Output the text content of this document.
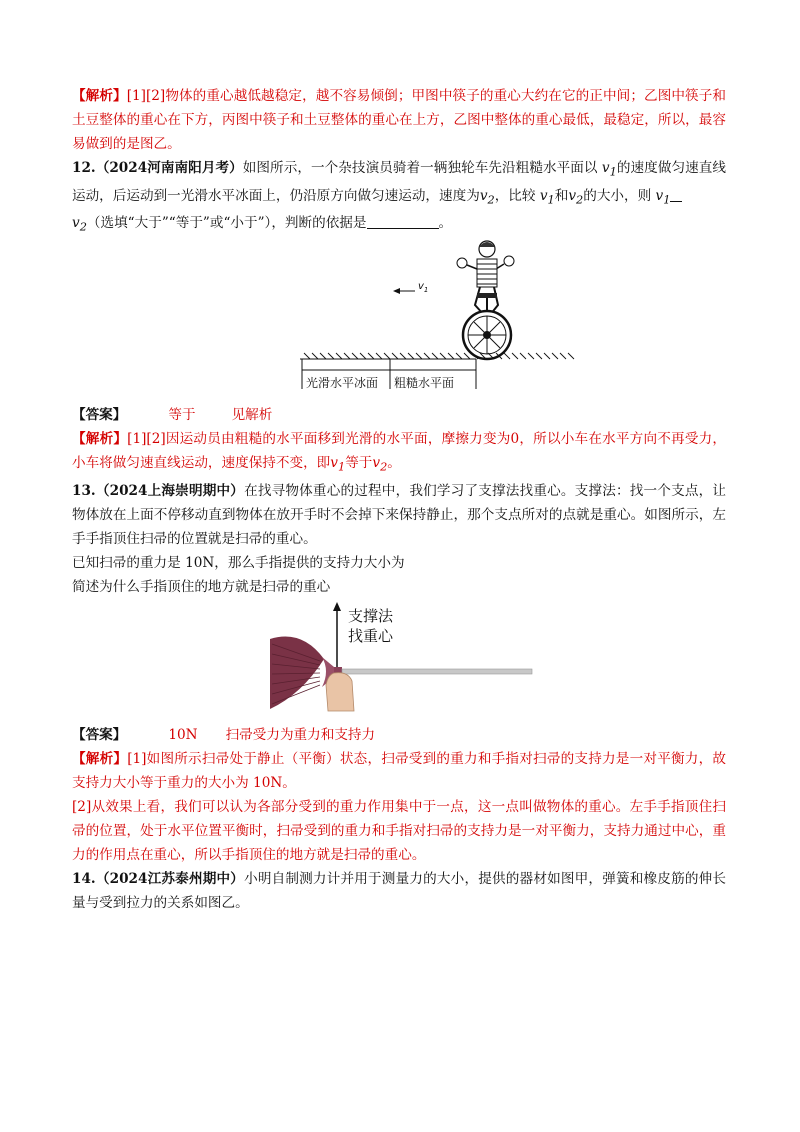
【解析】[1][2]物体的重心越低越稳定，越不容易倾倒；甲图中筷子的重心大约在它的正中间；乙图中筷子和土豆整体的重心在下方，丙图中筷子和土豆整体的重心在上方，乙图中整体的重心最低，最稳定，所以，最容易做到的是图乙。

12.（2024河南南阳月考）如图所示，一个杂技演员骑着一辆独轮车先沿粗糙水平面以 $v_1$的速度做匀速直线运动，后运动到一光滑水平冰面上，仍沿原方向做匀速运动，速度为$v_2$，比较 $v_1$和$v_2$的大小，则 $v_1$
$v_2$（选填“大于”“等于”或“小于”），判断的依据是	。

$v_1$
光滑水平冰面 粗糙水平面

【答案】	等于	见解析

【解析】[1][2]因运动员由粗糙的水平面移到光滑的水平面，摩擦力变为0，所以小车在水平方向不再受力，小车将做匀速直线运动，速度保持不变，即$v_1$等于$v_2$。

13.（2024上海崇明期中）在找寻物体重心的过程中，我们学习了支撑法找重心。支撑法：找一个支点，让物体放在上面不停移动直到物体在放开手时不会掉下来保持静止，那个支点所对的点就是重心。如图所示，左手手指顶住扫帚的位置就是扫帚的重心。

已知扫帚的重力是 10N，那么手指提供的支持力大小为

简述为什么手指顶住的地方就是扫帚的重心

支撑法
找重心

【答案】	10N 扫帚受力为重力和支持力

【解析】[1]如图所示扫帚处于静止（平衡）状态，扫帚受到的重力和手指对扫帚的支持力是一对平衡力，故支持力大小等于重力的大小为 10N。

[2]从效果上看，我们可以认为各部分受到的重力作用集中于一点，这一点叫做物体的重心。左手手指顶住扫帚的位置，处于水平位置平衡时，扫帚受到的重力和手指对扫帚的支持力是一对平衡力，支持力通过中心，重力的作用点在重心，所以手指顶住的地方就是扫帚的重心。

14.（2024江苏泰州期中）小明自制测力计并用于测量力的大小，提供的器材如图甲，弹簧和橡皮筋的伸长量与受到拉力的关系如图乙。
